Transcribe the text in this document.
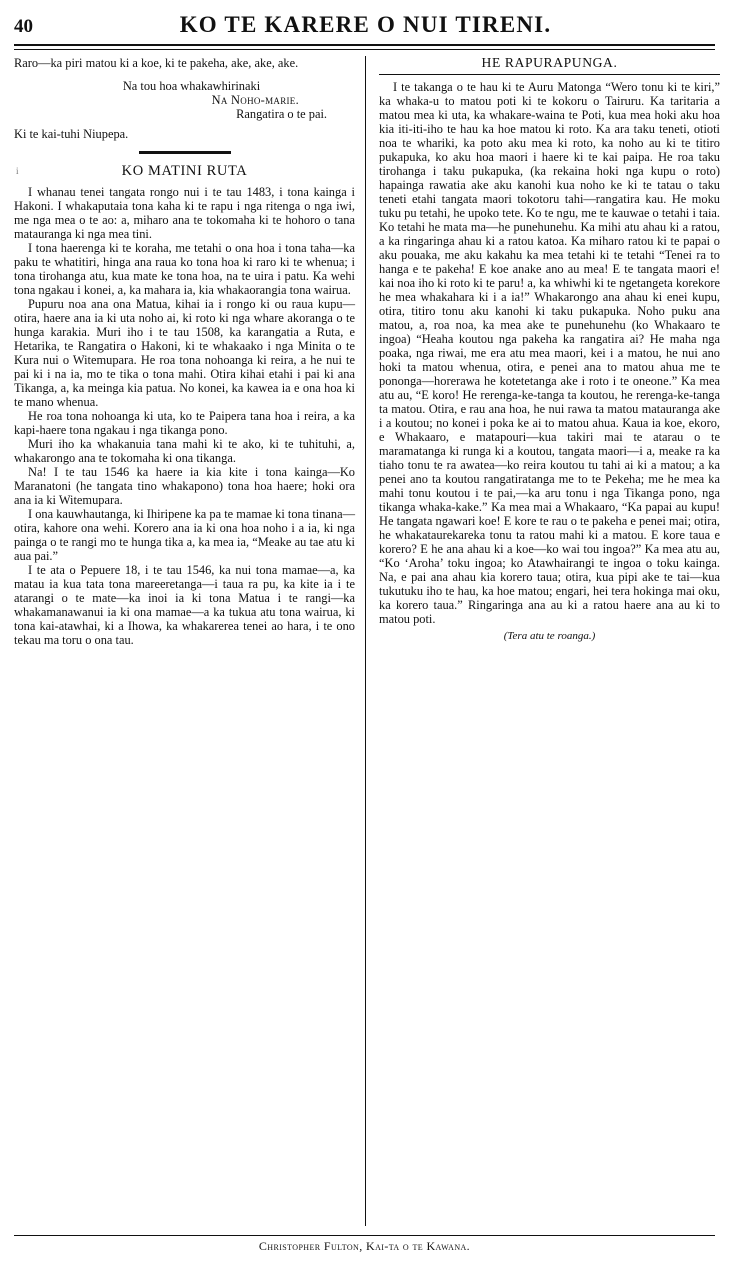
40	KO TE KARERE O NUI TIRENI.
i

Raro—ka piri matou ki a koe, ki te pakeha, ake, ake, ake.

Na tou hoa whakawhirinaki

Na Noho-marie.

Rangatira o te pai.

Ki te kai-tuhi Niupepa.

KO MATINI RUTA

I whanau tenei tangata rongo nui i te tau 1483, i tona kainga i Hakoni. I whakaputaia tona kaha ki te rapu i nga ritenga o nga iwi, me nga mea o te ao: a, miharo ana te tokomaha ki te hohoro o tana matauranga ki nga mea tini.

I tona haerenga ki te koraha, me tetahi o ona hoa i tona taha—ka paku te whatitiri, hinga ana raua ko tona hoa ki raro ki te whenua; i tona tirohanga atu, kua mate ke tona hoa, na te uira i patu. Ka wehi tona ngakau i konei, a, ka mahara ia, kia whakaorangia tona wairua.

Pupuru noa ana ona Matua, kihai ia i rongo ki ou raua kupu—otira, haere ana ia ki uta noho ai, ki roto ki nga whare akoranga o te hunga karakia. Muri iho i te tau 1508, ka karangatia a Ruta, e Hetarika, te Rangatira o Hakoni, ki te whakaako i nga Minita o te Kura nui o Witemupara. He roa tona nohoanga ki reira, a he nui te pai ki i na ia, mo te tika o tona mahi. Otira kihai etahi i pai ki ana Tikanga, a, ka meinga kia patua. No konei, ka kawea ia e ona hoa ki te mano whenua.

He roa tona nohoanga ki uta, ko te Paipera tana hoa i reira, a ka kapi-haere tona ngakau i nga tikanga pono.

Muri iho ka whakanuia tana mahi ki te ako, ki te tuhituhi, a, whakarongo ana te tokomaha ki ona tikanga.

Na! I te tau 1546 ka haere ia kia kite i tona kainga—Ko Maranatoni (he tangata tino whakapono) tona hoa haere; hoki ora ana ia ki Witemupara.

I ona kauwhautanga, ki Ihiripene ka pa te mamae ki tona tinana—otira, kahore ona wehi. Korero ana ia ki ona hoa noho i a ia, ki nga painga o te rangi mo te hunga tika a, ka mea ia, “Meake au tae atu ki aua pai.”

I te ata o Pepuere 18, i te tau 1546, ka nui tona mamae—a, ka matau ia kua tata tona mareeretanga—i taua ra pu, ka kite ia i te atarangi o te mate—ka inoi ia ki tona Matua i te rangi—ka whakamanawanui ia ki ona mamae—a ka tukua atu tona wairua, ki tona kai-atawhai, ki a Ihowa, ka whakarerea tenei ao hara, i te ono tekau ma toru o ona tau.

HE RAPURAPUNGA.

I te takanga o te hau ki te Auru Matonga “Wero tonu ki te kiri,” ka whaka-u to matou poti ki te kokoru o Tairuru. Ka taritaria a matou mea ki uta, ka whakare-waina te Poti, kua mea hoki aku hoa kia iti-iti-iho te hau ka hoe matou ki roto. Ka ara taku teneti, otioti noa te whariki, ka poto aku mea ki roto, ka noho au ki te titiro pukapuka, ko aku hoa maori i haere ki te kai paipa. He roa taku tirohanga i taku pukapuka, (ka rekaina hoki nga kupu o roto) hapainga rawatia ake aku kanohi kua noho ke ki te tatau o taku teneti etahi tangata maori tokotoru tahi—rangatira kau. He moku tuku pu tetahi, he upoko tete. Ko te ngu, me te kauwae o tetahi i taia. Ko tetahi he mata ma—he punehunehu. Ka mihi atu ahau ki a ratou, a ka ringaringa ahau ki a ratou katoa. Ka miharo ratou ki te papai o aku pouaka, me aku kakahu ka mea tetahi ki te tetahi “Tenei ra to hanga e te pakeha! E koe anake ano au mea! E te tangata maori e! kai noa iho ki roto ki te paru! a, ka whiwhi ki te ngetangeta korekore he mea whakahara ki i a ia!” Whakarongo ana ahau ki enei kupu, otira, titiro tonu aku kanohi ki taku pukapuka. Noho puku ana matou, a, roa noa, ka mea ake te punehunehu (ko Whakaaro te ingoa) “Heaha koutou nga pakeha ka rangatira ai? He maha nga poaka, nga riwai, me era atu mea maori, kei i a matou, he nui ano hoki ta matou whenua, otira, e penei ana to matou ahua me te pononga—horerawa he kotetetanga ake i roto i te oneone.” Ka mea atu au, “E koro! He rerenga-ke-tanga ta koutou, he rerenga-ke-tanga ta matou. Otira, e rau ana hoa, he nui rawa ta matou matauranga ake i a koutou; no konei i poka ke ai to matou ahua. Kaua ia koe, ekoro, e Whakaaro, e matapouri—kua takiri mai te atarau o te maramatanga ki runga ki a koutou, tangata maori—i a, meake ra ka tiaho tonu te ra awatea—ko reira koutou tu tahi ai ki a matou; a ka penei ano ta koutou rangatiratanga me to te Pekeha; me he mea ka mahi tonu koutou i te pai,—ka aru tonu i nga Tikanga pono, nga tikanga whaka-kake.” Ka mea mai a Whakaaro, “Ka papai au kupu! He tangata ngawari koe! E kore te rau o te pakeha e penei mai; otira, he whakataurekareka tonu ta ratou mahi ki a matou. E kore taua e korero? E he ana ahau ki a koe—ko wai tou ingoa?” Ka mea atu au, “Ko ‘Aroha’ toku ingoa; ko Atawhairangi te ingoa o toku kainga. Na, e pai ana ahau kia korero taua; otira, kua pipi ake te tai—kua tukutuku iho te hau, ka hoe matou; engari, hei tera hokinga mai oku, ka korero taua.” Ringaringa ana au ki a ratou haere ana au ki to matou poti.

(Tera atu te roanga.)
Christopher Fulton, Kai-ta o te Kawana.
